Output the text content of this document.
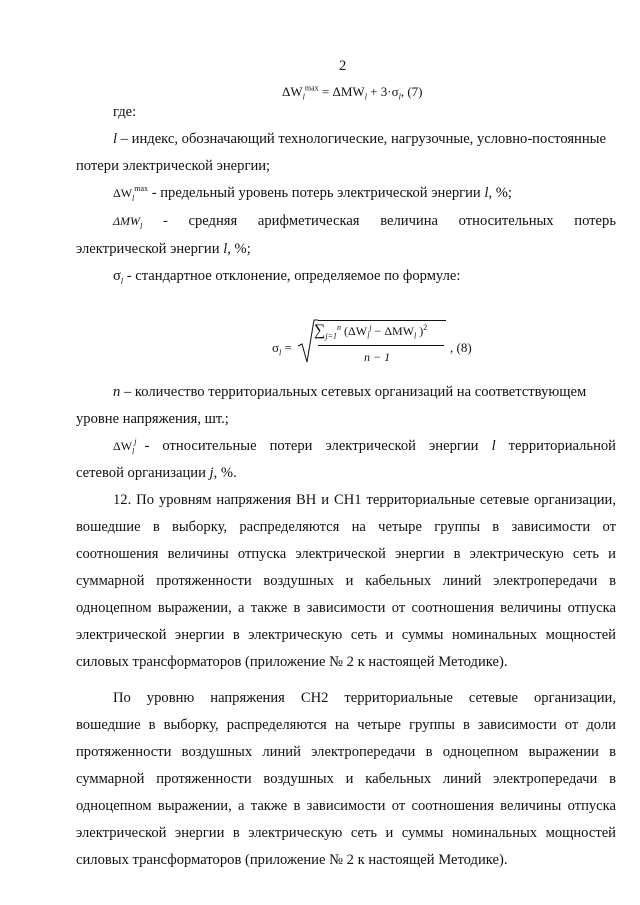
2
$\Delta W_l^{max} = \Delta MW_l + 3\cdot\sigma_l$, (7)
где:
l – индекс, обозначающий технологические, нагрузочные, условно-постоянные
потери электрической энергии;
$\Delta W_l^{max}$ - предельный уровень потерь электрической энергии l, %;
$\Delta MW_l$ - средняя арифметическая величина относительных потерь
электрической энергии l, %;
$\sigma_l$ - стандартное отклонение, определяемое по формуле:
$\sigma_l$ =
$\sum_{j=1}^n$ ($\Delta W_l^j - \Delta MW_l$ )$^2$
n − 1
, (8)
n – количество территориальных сетевых организаций на соответствующем
уровне напряжения, шт.;
$\Delta W_l^j$ - относительные потери электрической энергии l территориальной
сетевой организации j, %.
12. По уровням напряжения ВН и СН1 территориальные сетевые организации,
вошедшие в выборку, распределяются на четыре группы в зависимости от
соотношения величины отпуска электрической энергии в электрическую сеть и
суммарной протяженности воздушных и кабельных линий электропередачи в
одноцепном выражении, а также в зависимости от соотношения величины отпуска
электрической энергии в электрическую сеть и суммы номинальных мощностей
силовых трансформаторов (приложение № 2 к настоящей Методике).
По уровню напряжения СН2 территориальные сетевые организации,
вошедшие в выборку, распределяются на четыре группы в зависимости от доли
протяженности воздушных линий электропередачи в одноцепном выражении в
суммарной протяженности воздушных и кабельных линий электропередачи в
одноцепном выражении, а также в зависимости от соотношения величины отпуска
электрической энергии в электрическую сеть и суммы номинальных мощностей
силовых трансформаторов (приложение № 2 к настоящей Методике).
